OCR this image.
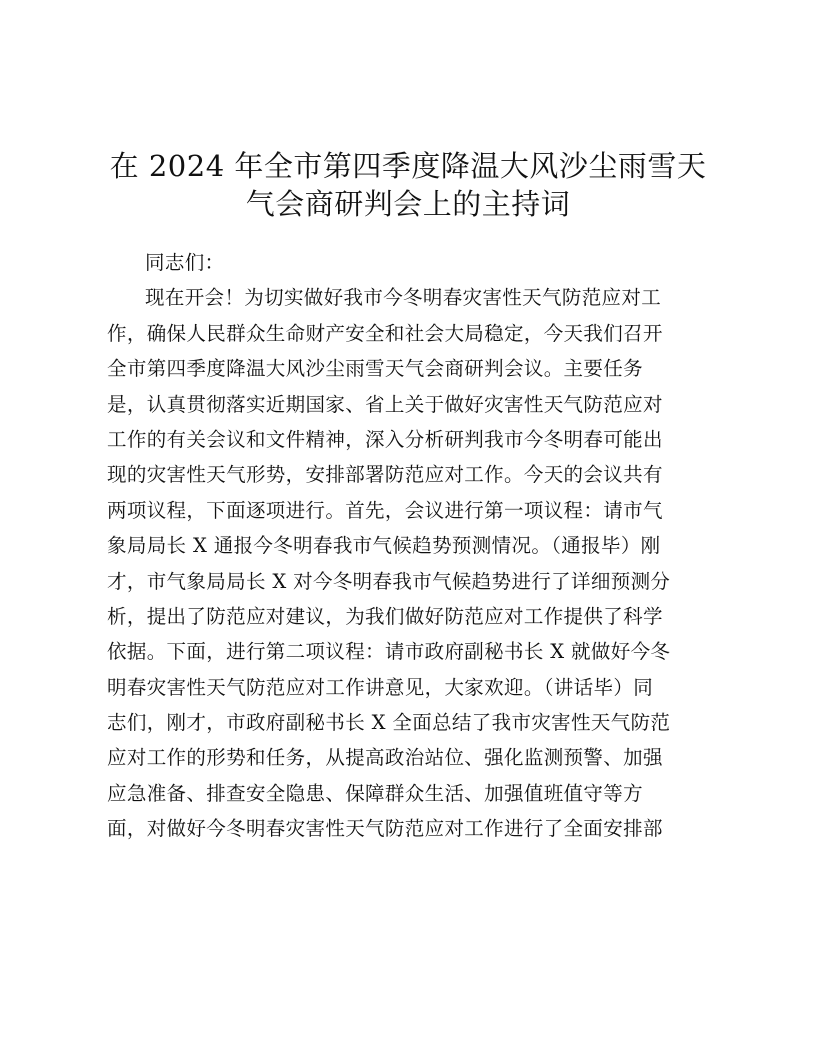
在 2024 年全市第四季度降温大风沙尘雨雪天
气会商研判会上的主持词
同志们：
现在开会！为切实做好我市今冬明春灾害性天气防范应对工
作，确保人民群众生命财产安全和社会大局稳定，今天我们召开
全市第四季度降温大风沙尘雨雪天气会商研判会议。主要任务
是，认真贯彻落实近期国家、省上关于做好灾害性天气防范应对
工作的有关会议和文件精神，深入分析研判我市今冬明春可能出
现的灾害性天气形势，安排部署防范应对工作。今天的会议共有
两项议程，下面逐项进行。首先，会议进行第一项议程：请市气
象局局长 X 通报今冬明春我市气候趋势预测情况。（通报毕）刚
才，市气象局局长 X 对今冬明春我市气候趋势进行了详细预测分
析，提出了防范应对建议，为我们做好防范应对工作提供了科学
依据。下面，进行第二项议程：请市政府副秘书长 X 就做好今冬
明春灾害性天气防范应对工作讲意见，大家欢迎。（讲话毕）同
志们，刚才，市政府副秘书长 X 全面总结了我市灾害性天气防范
应对工作的形势和任务，从提高政治站位、强化监测预警、加强
应急准备、排查安全隐患、保障群众生活、加强值班值守等方
面，对做好今冬明春灾害性天气防范应对工作进行了全面安排部
